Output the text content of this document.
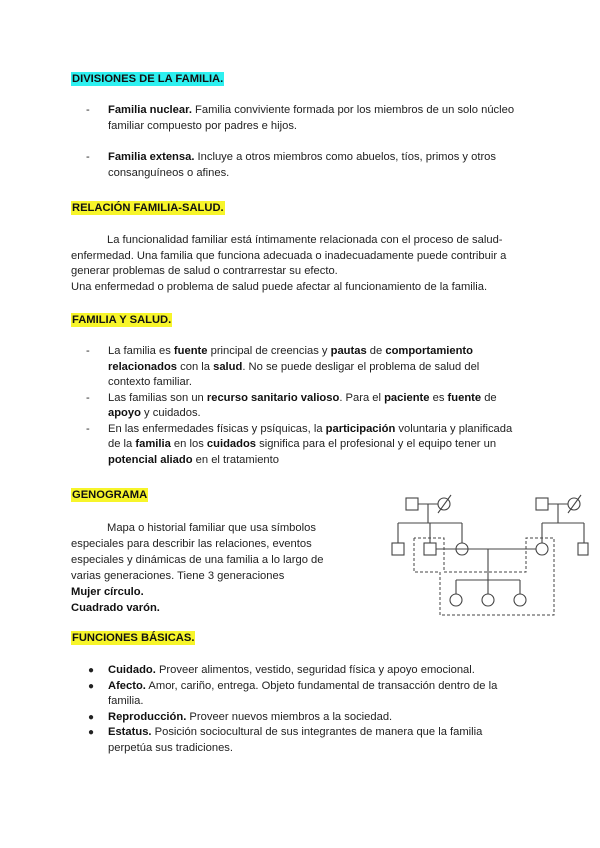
DIVISIONES DE LA FAMILIA.
- Familia nuclear. Familia conviviente formada por los miembros de un solo núcleo familiar compuesto por padres e hijos.
- Familia extensa. Incluye a otros miembros como abuelos, tíos, primos y otros consanguíneos o afines.
RELACIÓN FAMILIA-SALUD.
La funcionalidad familiar está íntimamente relacionada con el proceso de salud-enfermedad. Una familia que funciona adecuada o inadecuadamente puede contribuir a generar problemas de salud o contrarrestar su efecto.
Una enfermedad o problema de salud puede afectar al funcionamiento de la familia.
FAMILIA Y SALUD.
- La familia es fuente principal de creencias y pautas de comportamiento relacionados con la salud. No se puede desligar el problema de salud del contexto familiar.
- Las familias son un recurso sanitario valioso. Para el paciente es fuente de apoyo y cuidados.
- En las enfermedades físicas y psíquicas, la participación voluntaria y planificada de la familia en los cuidados significa para el profesional y el equipo tener un potencial aliado en el tratamiento
GENOGRAMA
Mapa o historial familiar que usa símbolos especiales para describir las relaciones, eventos especiales y dinámicas de una familia a lo largo de varias generaciones. Tiene 3 generaciones
Mujer círculo.
Cuadrado varón.
FUNCIONES BÁSICAS.
● Cuidado. Proveer alimentos, vestido, seguridad física y apoyo emocional.
● Afecto. Amor, cariño, entrega. Objeto fundamental de transacción dentro de la familia.
● Reproducción. Proveer nuevos miembros a la sociedad.
● Estatus. Posición sociocultural de sus integrantes de manera que la familia perpetúa sus tradiciones.
